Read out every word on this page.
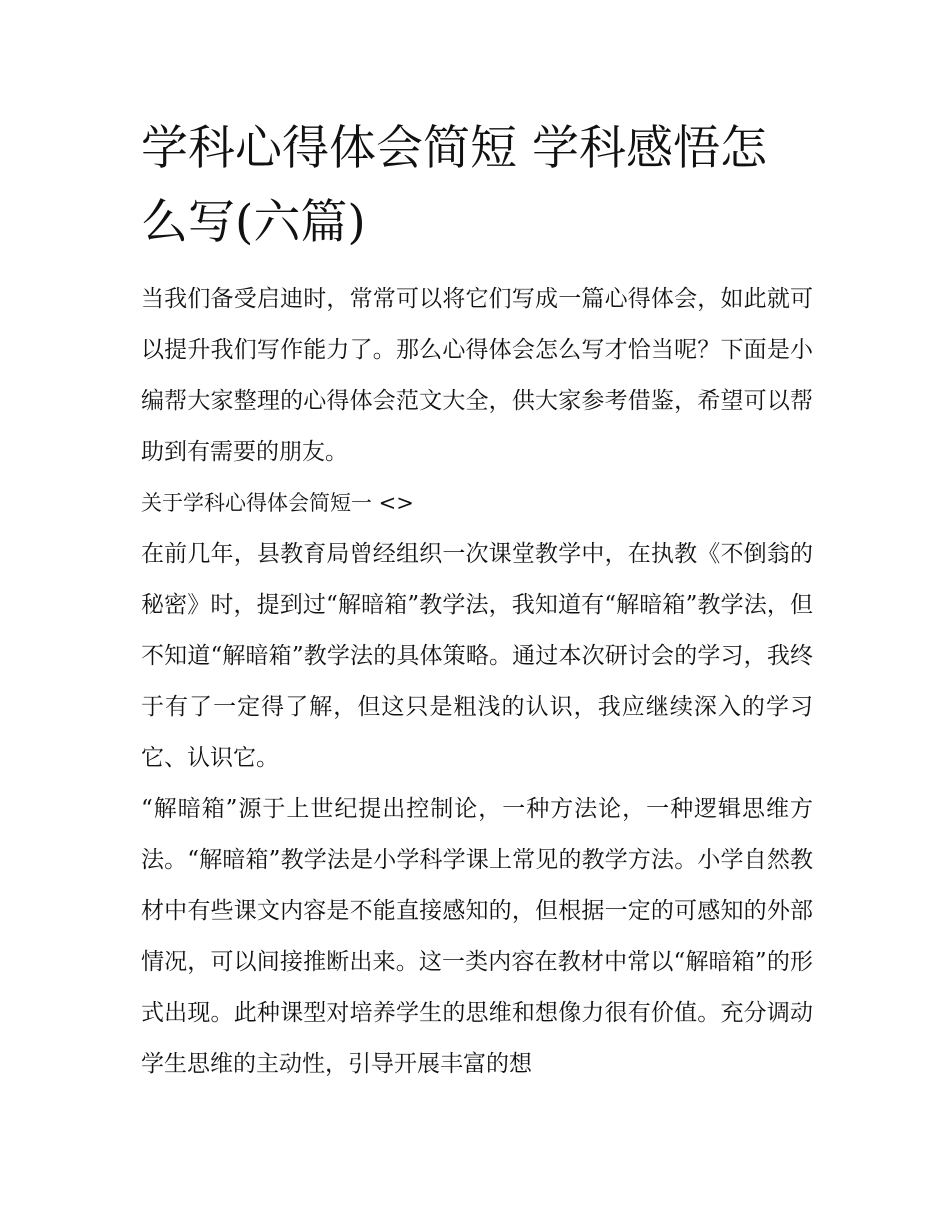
学科心得体会简短 学科感悟怎么写(六篇)

当我们备受启迪时，常常可以将它们写成一篇心得体会，如此就可以提升我们写作能力了。那么心得体会怎么写才恰当呢？下面是小编帮大家整理的心得体会范文大全，供大家参考借鉴，希望可以帮助到有需要的朋友。

关于学科心得体会简短一 <>

在前几年，县教育局曾经组织一次课堂教学中，在执教《不倒翁的秘密》时，提到过“解暗箱”教学法，我知道有“解暗箱”教学法，但不知道“解暗箱”教学法的具体策略。通过本次研讨会的学习，我终于有了一定得了解，但这只是粗浅的认识，我应继续深入的学习它、认识它。

“解暗箱”源于上世纪提出控制论，一种方法论，一种逻辑思维方法。“解暗箱”教学法是小学科学课上常见的教学方法。小学自然教材中有些课文内容是不能直接感知的，但根据一定的可感知的外部情况，可以间接推断出来。这一类内容在教材中常以“解暗箱”的形式出现。此种课型对培养学生的思维和想像力很有价值。充分调动学生思维的主动性，引导开展丰富的想
